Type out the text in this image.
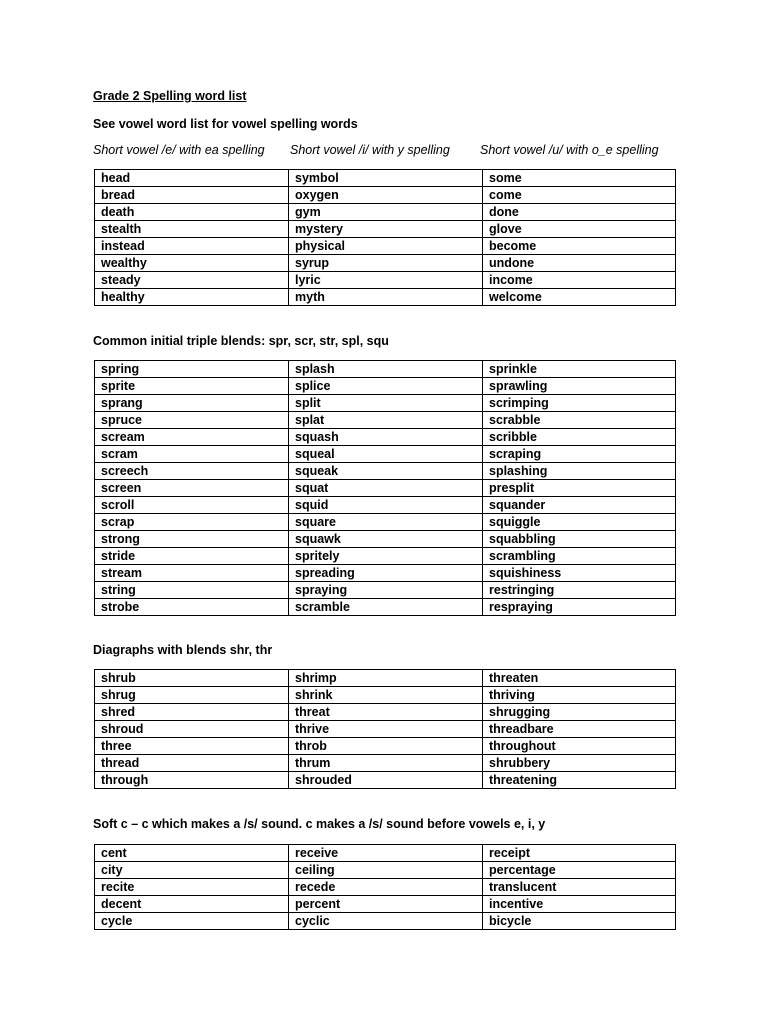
Grade 2 Spelling word list
See vowel word list for vowel spelling words
Short vowel /e/ with ea spelling Short vowel /i/ with y spelling Short vowel /u/ with o_e spelling
head	symbol	some
bread	oxygen	come
death	gym	done
stealth	mystery	glove
instead	physical	become
wealthy	syrup	undone
steady	lyric	income
healthy	myth	welcome
Common initial triple blends: spr, scr, str, spl, squ
spring	splash	sprinkle
sprite	splice	sprawling
sprang	split	scrimping
spruce	splat	scrabble
scream	squash	scribble
scram	squeal	scraping
screech	squeak	splashing
screen	squat	presplit
scroll	squid	squander
scrap	square	squiggle
strong	squawk	squabbling
stride	spritely	scrambling
stream	spreading	squishiness
string	spraying	restringing
strobe	scramble	respraying
Diagraphs with blends shr, thr
shrub	shrimp	threaten
shrug	shrink	thriving
shred	threat	shrugging
shroud	thrive	threadbare
three	throb	throughout
thread	thrum	shrubbery
through	shrouded	threatening
Soft c – c which makes a /s/ sound. c makes a /s/ sound before vowels e, i, y
cent	receive	receipt
city	ceiling	percentage
recite	recede	translucent
decent	percent	incentive
cycle	cyclic	bicycle
